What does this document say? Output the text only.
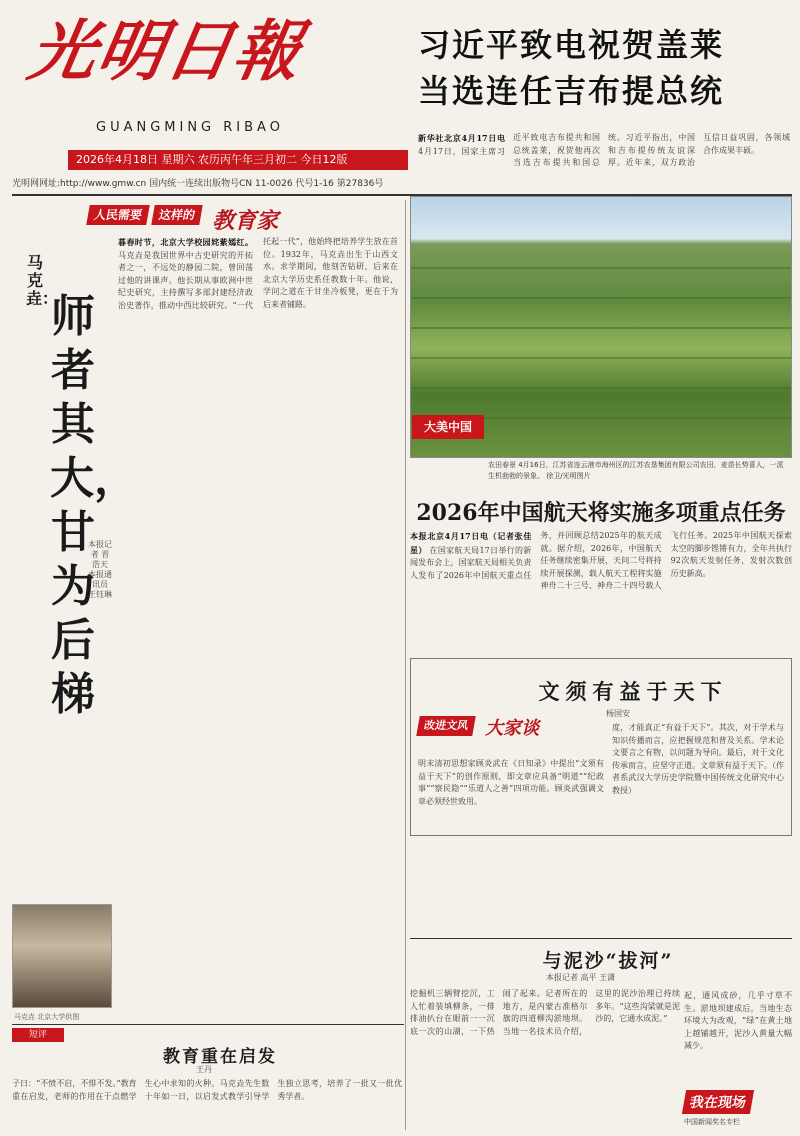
光明日報
GUANGMING RIBAO
2026年4月18日 星期六 农历丙午年三月初二 今日12版
光明网网址:http://www.gmw.cn 国内统一连续出版物号CN 11-0026 代号1-16 第27836号
习近平致电祝贺盖莱
当选连任吉布提总统
新华社北京4月17日电 4月17日，国家主席习近平致电吉布提共和国总统盖莱，祝贺他再次当选吉布提共和国总统。习近平指出，中国和吉布提传统友谊深厚。近年来，双方政治互信日益巩固，各领域合作成果丰硕。
人民需要 这样的 教育家
马克垚：
师者其大，甘为后梯
本报记者 晋浩天 本报通讯员 王钰琳
暮春时节，北京大学校园姹紫嫣红。 马克垚是我国世界中古史研究的开拓者之一，不远处的静园二院，曾回荡过他的讲课声。他长期从事欧洲中世纪史研究，主持撰写多部封建经济政治史著作，推动中西比较研究。“一代托起一代”，他始终把培养学生放在首位。1932年，马克垚出生于山西文水。求学期间，他刻苦钻研，后来在北京大学历史系任教数十年。他说，学问之道在于甘坐冷板凳，更在于为后来者铺路。
马克垚 北京大学供图
短评
教育重在启发
王丹
子曰：“不愤不启，不悱不发。”教育重在启发，老师的作用在于点燃学生心中求知的火种。马克垚先生数十年如一日，以启发式教学引导学生独立思考，培养了一批又一批优秀学者。
大美中国
农田春景 4月16日，江苏省连云港市海州区的江苏农垦集团有限公司农田，麦苗长势喜人，一派生机勃勃的景象。 徐卫/光明图片
2026年中国航天将实施多项重点任务
本报北京4月17日电（记者张佳星） 在国家航天局17日举行的新闻发布会上，国家航天局相关负责人发布了2026年中国航天重点任务，并回顾总结2025年的航天成就。据介绍，2026年，中国航天任务继续密集开展，天问二号将持续开展探测，载人航天工程将实施神舟二十三号、神舟二十四号载人飞行任务。2025年中国航天探索太空的脚步铿锵有力，全年共执行92次航天发射任务，发射次数创历史新高。
文须有益于天下
杨国安
改进文风 大家谈
明末清初思想家顾炎武在《日知录》中提出“文须有益于天下”的创作原则，即文章应具备“明道”“纪政事”“察民隐”“乐道人之善”四项功能。顾炎武强调文章必须经世致用。
度，才能真正“有益于天下”。其次，对于学术与知识传播而言，应把握规范和普及关系。学术论文要言之有物，以问题为导向。最后，对于文化传承而言，应坚守正道。文章须有益于天下。（作者系武汉大学历史学院暨中国传统文化研究中心教授）
与泥沙“拔河”
本报记者 高平 王潇
挖掘机三辆臂挖沉，工人忙着装填柳条，一排排油扒台在眼前一一沉底一次的山湖，一下热闹了起来。记者所在的地方，是内蒙古准格尔旗的四道柳沟淤地坝。当地一名技术员介绍，这里的泥沙治理已持续多年。“这些沟梁就是泥沙的，它通水成泥。”
起，通风成砂，几乎寸草不生。淤地坝建成后，当地生态环境大为改观，“绿”在黄土地上越铺越开，泥沙入黄量大幅减少。
我在现场
中国新闻奖名专栏
